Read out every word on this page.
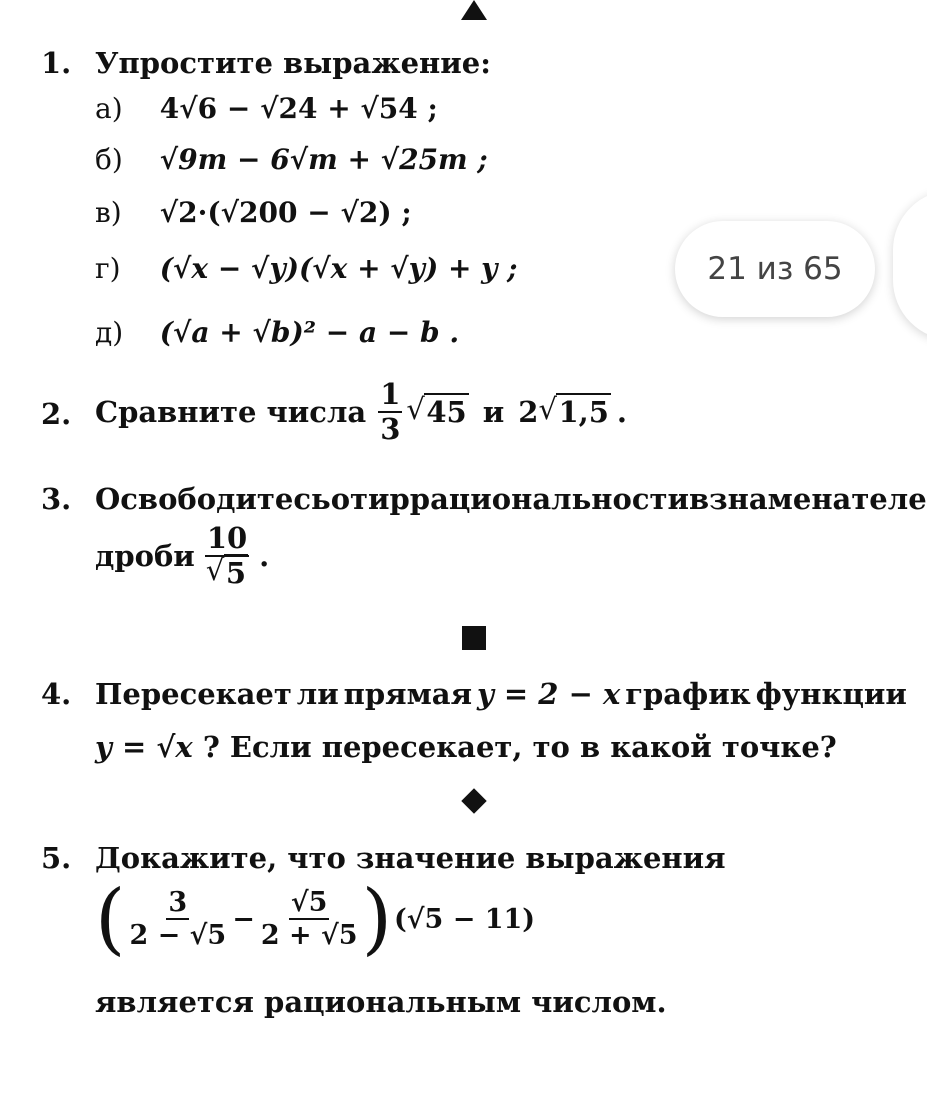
1. Упростите выражение:
а) 4√6 − √24 + √54 ;
б) √9m − 6√m + √25m ;
в) √2·(√200 − √2) ;
г) (√x − √y)(√x + √y) + y ;
д) (√a + √b)² − a − b .
21 из 65
2. Сравните числа $\frac{1}{3}$ √ 45 и 2 √ 1,5 .
3. Освободитесь от иррациональности в знаменателе
дроби 10
√ 5 .
4. Пересекает ли прямая y = 2 − x график функции
y = √x ? Если пересекает, то в какой точке?
5. Докажите, что значение выражения
( $\frac{3}{2 - √5} - \frac{√5}{2 + √5}$ ) (√5 − 11)
является рациональным числом.
